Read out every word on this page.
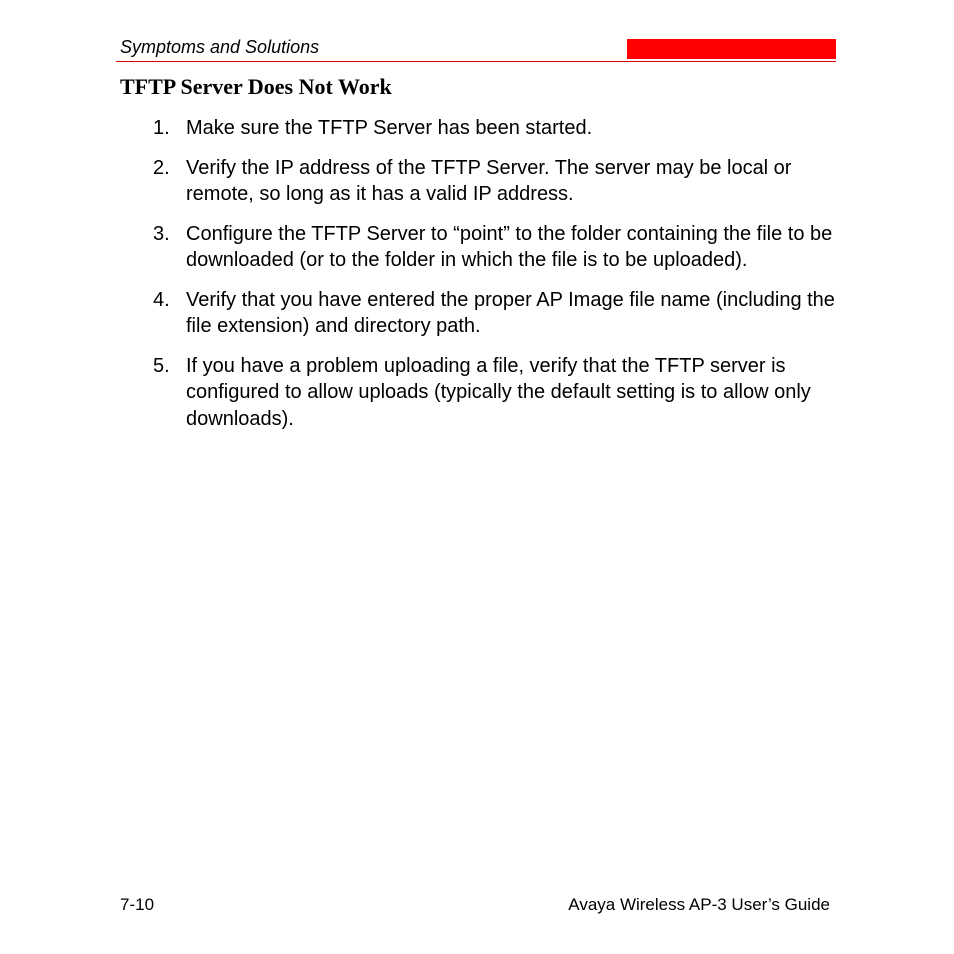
Symptoms and Solutions
TFTP Server Does Not Work
1. Make sure the TFTP Server has been started.
2. Verify the IP address of the TFTP Server. The server may be local or remote, so long as it has a valid IP address.
3. Configure the TFTP Server to “point” to the folder containing the file to be downloaded (or to the folder in which the file is to be uploaded).
4. Verify that you have entered the proper AP Image file name (including the file extension) and directory path.
5. If you have a problem uploading a file, verify that the TFTP server is configured to allow uploads (typically the default setting is to allow only downloads).
7-10	Avaya Wireless AP-3 User’s Guide
